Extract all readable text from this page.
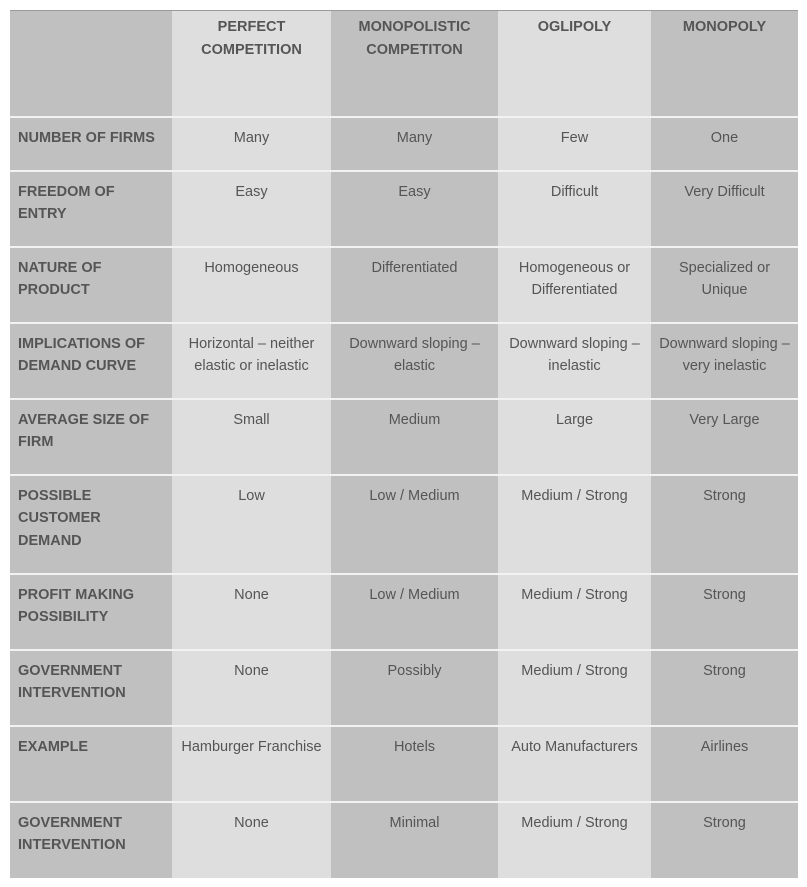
	PERFECT COMPETITION	MONOPOLISTIC COMPETITON	OGLIPOLY	MONOPOLY
NUMBER OF FIRMS	Many	Many	Few	One
FREEDOM OF ENTRY	Easy	Easy	Difficult	Very Difficult
NATURE OF PRODUCT	Homogeneous	Differentiated	Homogeneous or Differentiated	Specialized or Unique
IMPLICATIONS OF DEMAND CURVE	Horizontal – neither elastic or inelastic	Downward sloping – elastic	Downward sloping – inelastic	Downward sloping – very inelastic
AVERAGE SIZE OF FIRM	Small	Medium	Large	Very Large
POSSIBLE CUSTOMER DEMAND	Low	Low / Medium	Medium / Strong	Strong
PROFIT MAKING POSSIBILITY	None	Low / Medium	Medium / Strong	Strong
GOVERNMENT INTERVENTION	None	Possibly	Medium / Strong	Strong
EXAMPLE	Hamburger Franchise	Hotels	Auto Manufacturers	Airlines
GOVERNMENT INTERVENTION	None	Minimal	Medium / Strong	Strong
